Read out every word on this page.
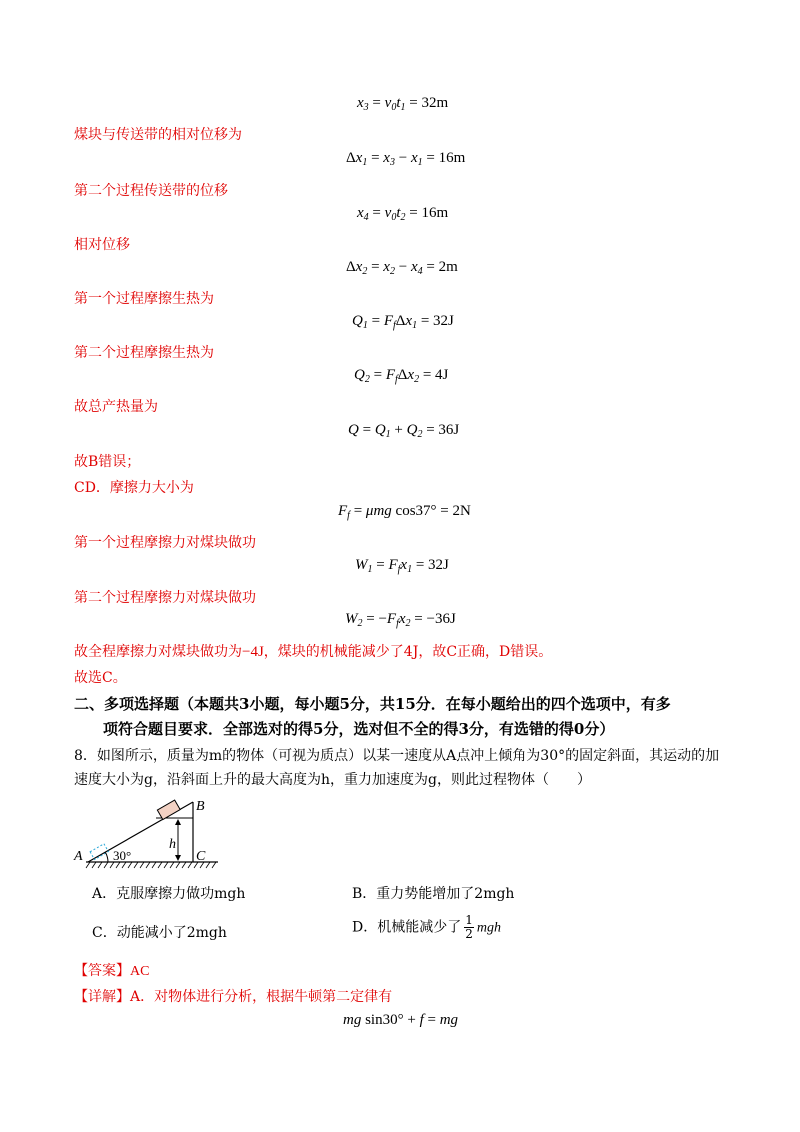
$x_3 = v_0t_1 = 32m$
煤块与传送带的相对位移为
$\Delta x_1 = x_3 - x_1 = 16m$
第二个过程传送带的位移
$x_4 = v_0t_2 = 16m$
相对位移
$\Delta x_2 = x_2 - x_4 = 2m$
第一个过程摩擦生热为
$Q_1 = F_f\Delta x_1 = 32J$
第二个过程摩擦生热为
$Q_2 = F_f\Delta x_2 = 4J$
故总产热量为
$Q = Q_1 + Q_2 = 36J$
故B错误；
CD．摩擦力大小为
$F_f = \mu mg$ cos37° = 2N
第一个过程摩擦力对煤块做功
$W_1 = F_fx_1 = 32J$
第二个过程摩擦力对煤块做功
$W_2 = -F_fx_2 = -36J$
故全程摩擦力对煤块做功为−4J，煤块的机械能减少了4J，故C正确，D错误。
故选C。
二、多项选择题（本题共3小题，每小题5分，共15分．在每小题给出的四个选项中，有多
项符合题目要求．全部选对的得5分，选对但不全的得3分，有选错的得0分）
8．如图所示，质量为m的物体（可视为质点）以某一速度从A点冲上倾角为30°的固定斜面，其运动的加
速度大小为g，沿斜面上升的最大高度为h，重力加速度为g，则此过程物体（　　）
A 30°
B
C
h
A．克服摩擦力做功mgh	B．重力势能增加了2mgh
C．动能减小了2mgh	D．机械能减少了 $\frac{1}{2}$ mgh
【答案】AC
【详解】A．对物体进行分析，根据牛顿第二定律有
mg sin30° + f = mg
